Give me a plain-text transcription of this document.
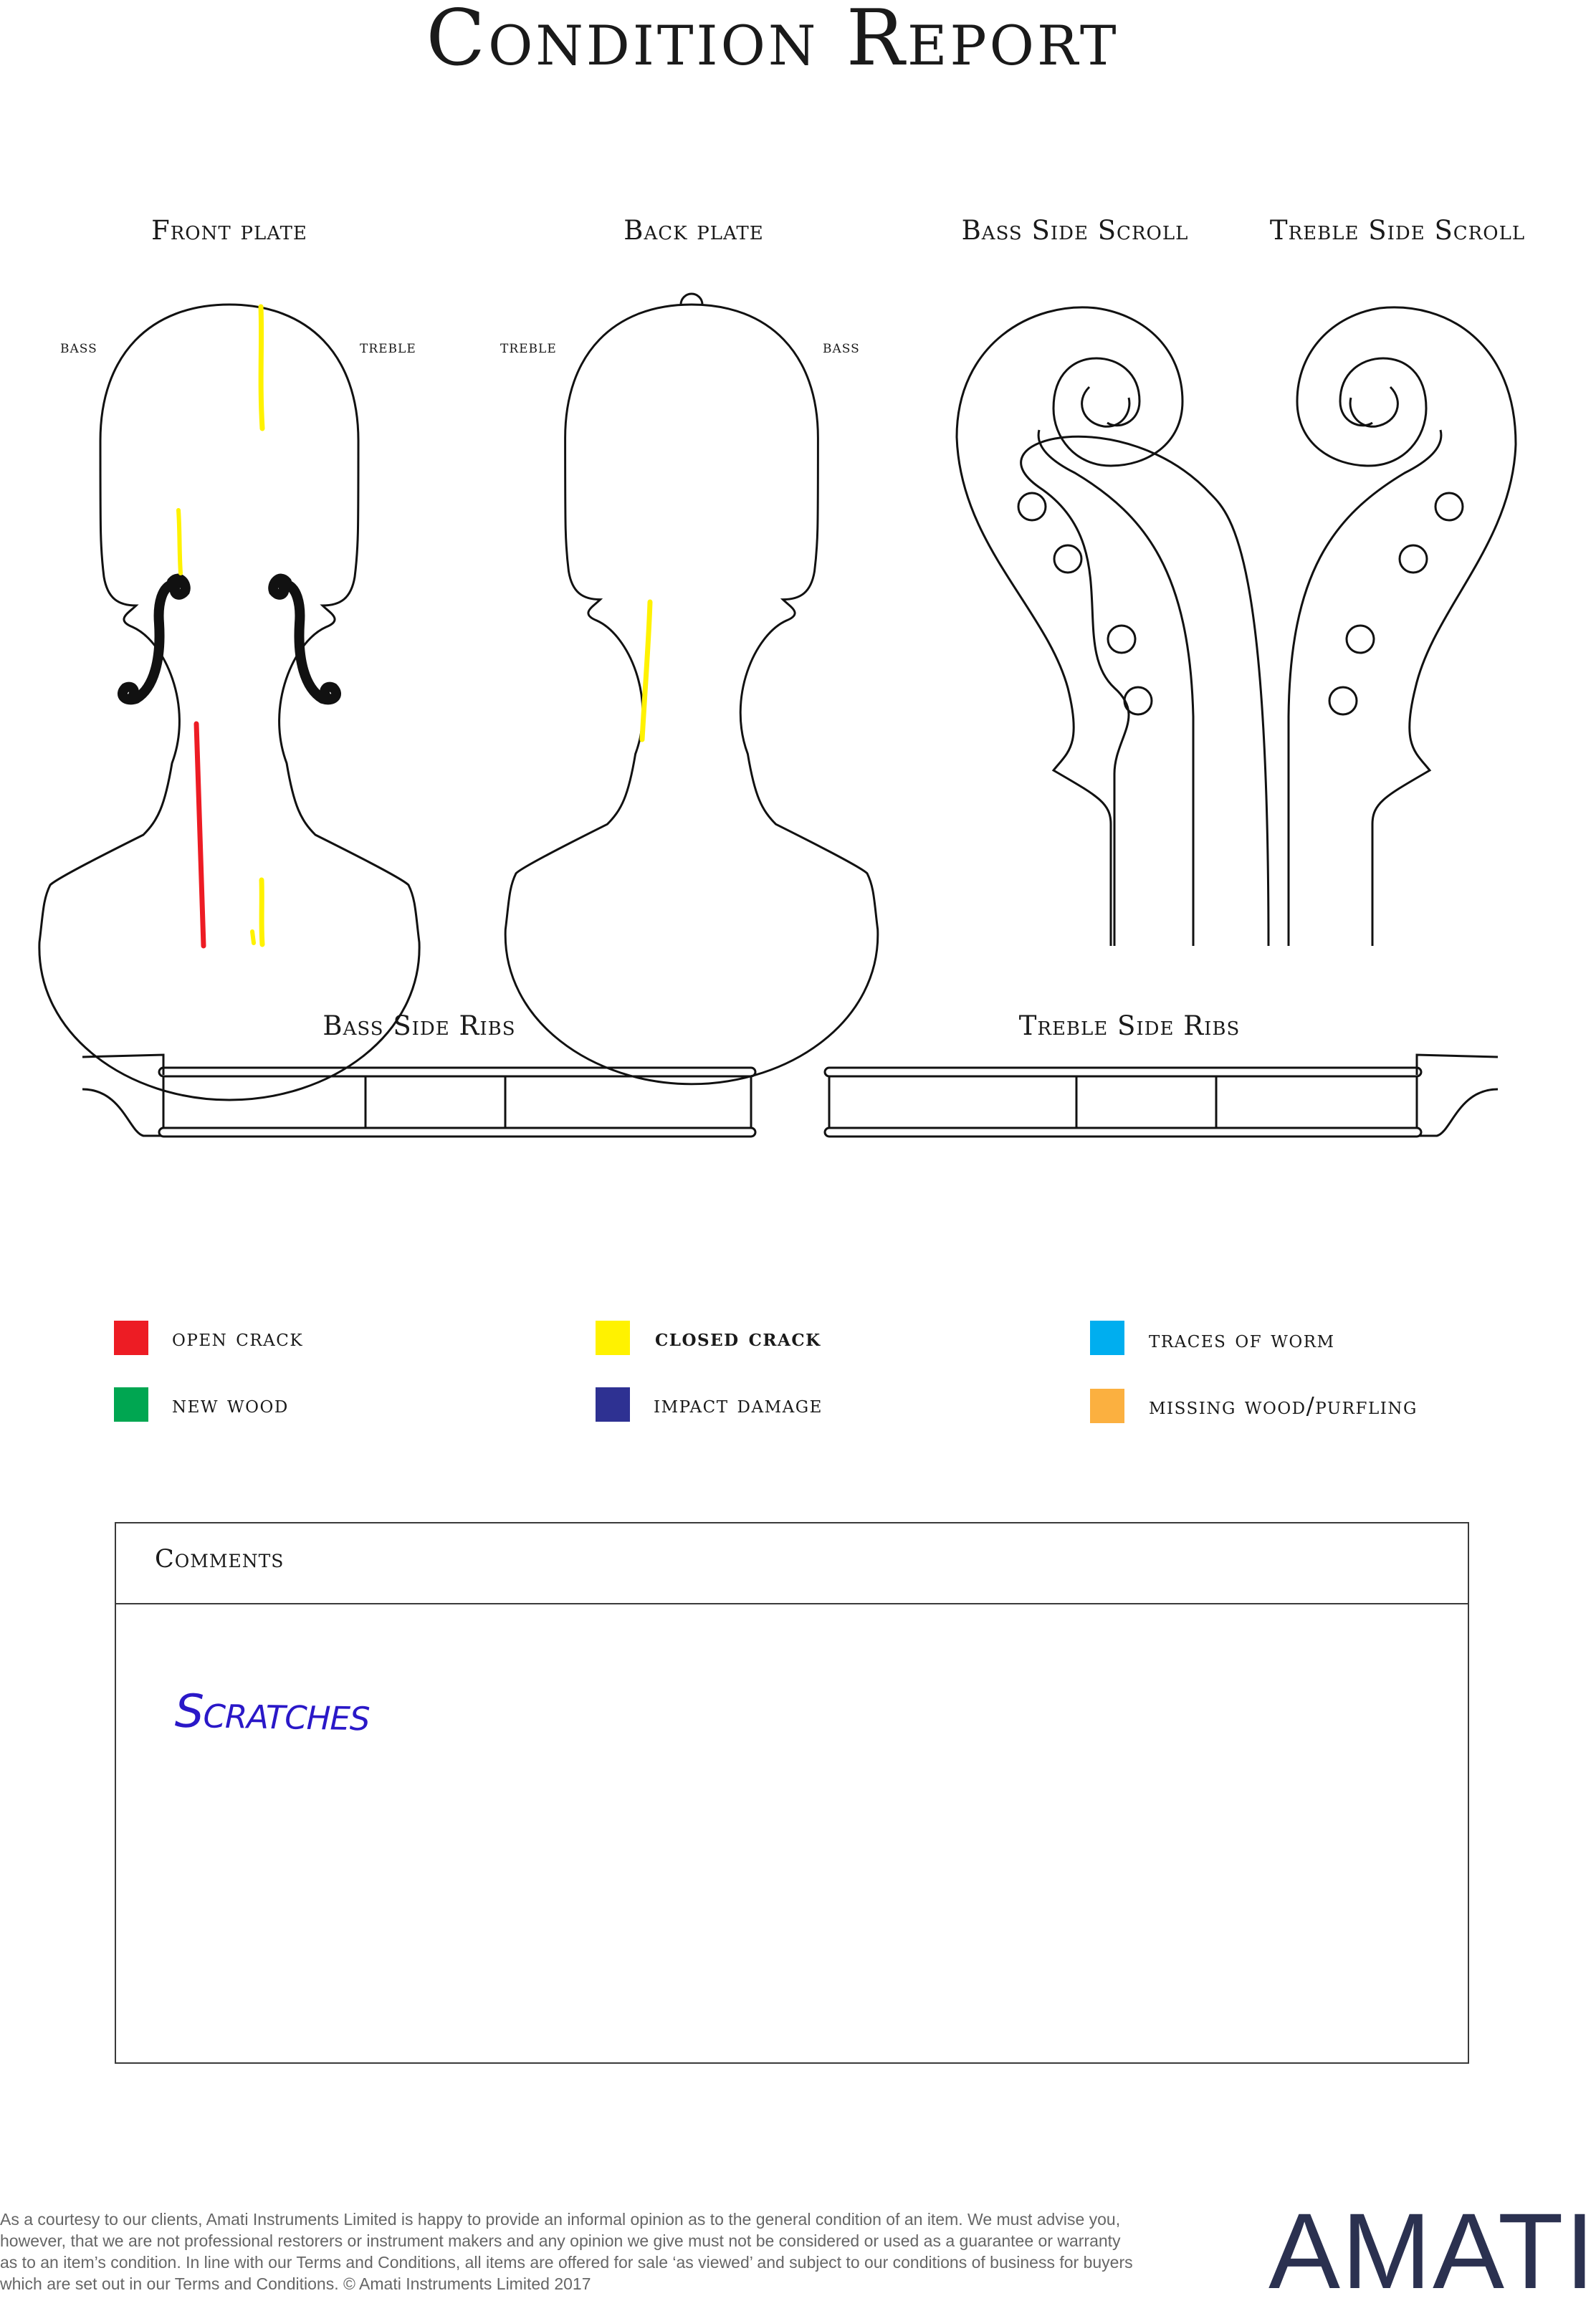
Condition Report
Front plate	Back plate	Bass Side Scroll	Treble Side Scroll
Bass Side Ribs	Treble Side Ribs
bass	treble	treble	bass
open crack	closed crack	traces of worm
new wood	impact damage	missing wood/purfling
Comments
Scratches
As a courtesy to our clients, Amati Instruments Limited is happy to provide an informal opinion as to the general condition of an item. We must advise you, however, that we are not professional restorers or instrument makers and any opinion we give must not be considered or used as a guarantee or warranty as to an item’s condition. In line with our Terms and Conditions, all items are offered for sale ‘as viewed’ and subject to our conditions of business for buyers which are set out in our Terms and Conditions. © Amati Instruments Limited 2017	AMATI
